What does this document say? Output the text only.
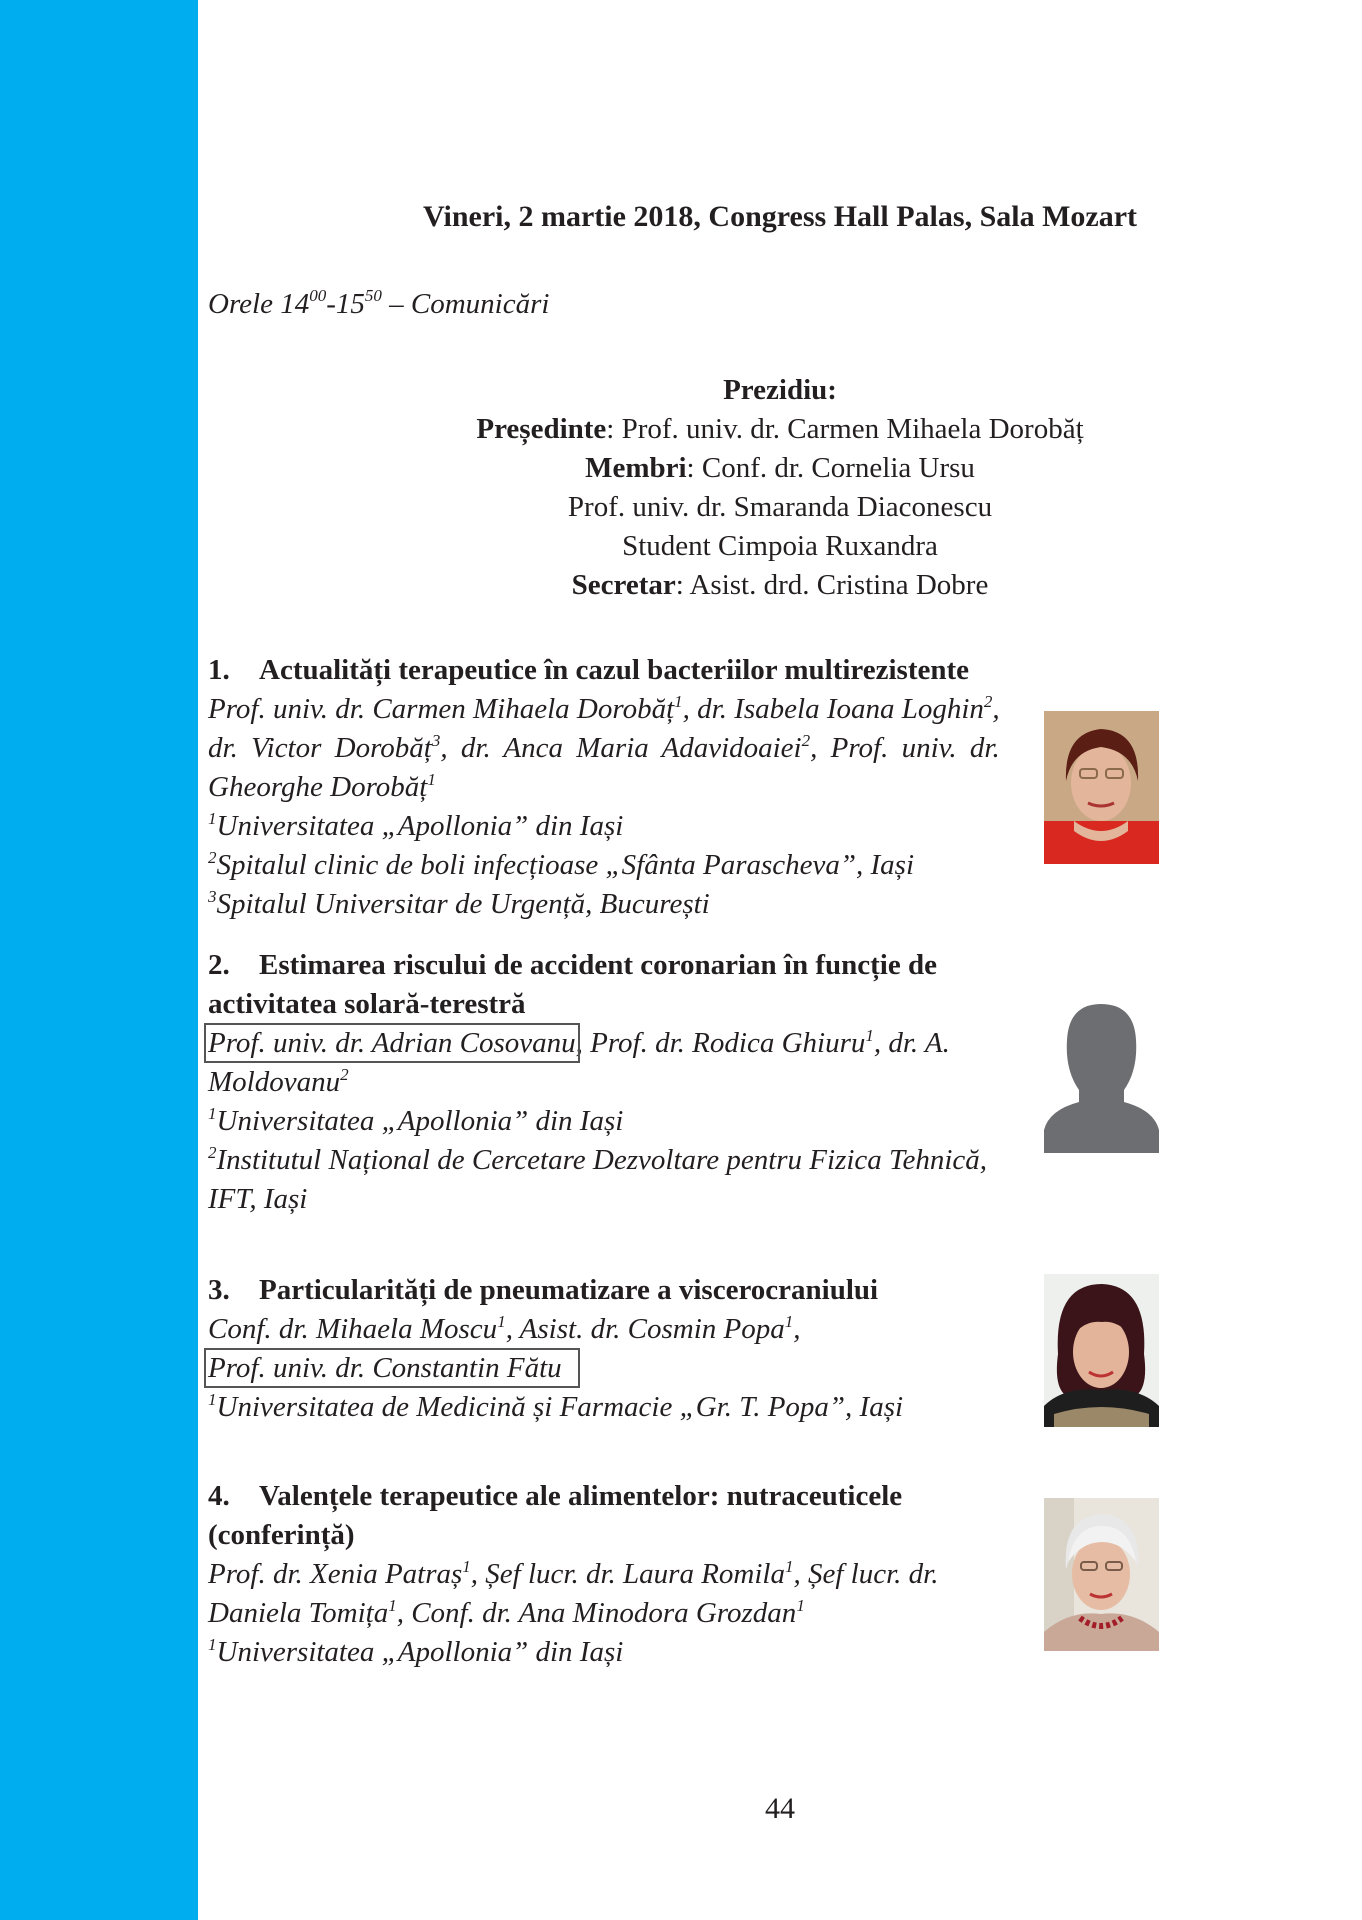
Vineri, 2 martie 2018, Congress Hall Palas, Sala Mozart
Orele $14^{00}-15^{50}$ – Comunicări
Prezidiu:
Președinte: Prof. univ. dr. Carmen Mihaela Dorobăț
Membri: Conf. dr. Cornelia Ursu
Prof. univ. dr. Smaranda Diaconescu
Student Cimpoia Ruxandra
Secretar: Asist. drd. Cristina Dobre
1. Actualități terapeutice în cazul bacteriilor multirezistente
Prof. univ. dr. Carmen Mihaela Dorobăț$^1$, dr. Isabela Ioana Loghin$^2$,
dr. Victor Dorobăț$^3$, dr. Anca Maria Adavidoaiei$^2$, Prof. univ. dr.
Gheorghe Dorobăț$^1$
$^1$Universitatea „Apollonia” din Iași
$^2$Spitalul clinic de boli infecțioase „Sfânta Parascheva”, Iași
$^3$Spitalul Universitar de Urgență, București
2. Estimarea riscului de accident coronarian în funcție de
activitatea solară-terestră
Prof. univ. dr. Adrian Cosovanu, Prof. dr. Rodica Ghiuru$^1$, dr. A.
Moldovanu$^2$
$^1$Universitatea „Apollonia” din Iași
$^2$Institutul Național de Cercetare Dezvoltare pentru Fizica Tehnică,
IFT, Iași
3. Particularități de pneumatizare a viscerocraniului
Conf. dr. Mihaela Moscu$^1$, Asist. dr. Cosmin Popa$^1$,
Prof. univ. dr. Constantin Fătu
$^1$Universitatea de Medicină și Farmacie „Gr. T. Popa”, Iași
4. Valențele terapeutice ale alimentelor: nutraceuticele
(conferință)
Prof. dr. Xenia Patraș$^1$, Șef lucr. dr. Laura Romila$^1$, Șef lucr. dr.
Daniela Tomița$^1$, Conf. dr. Ana Minodora Grozdan$^1$
$^1$Universitatea „Apollonia” din Iași
44
